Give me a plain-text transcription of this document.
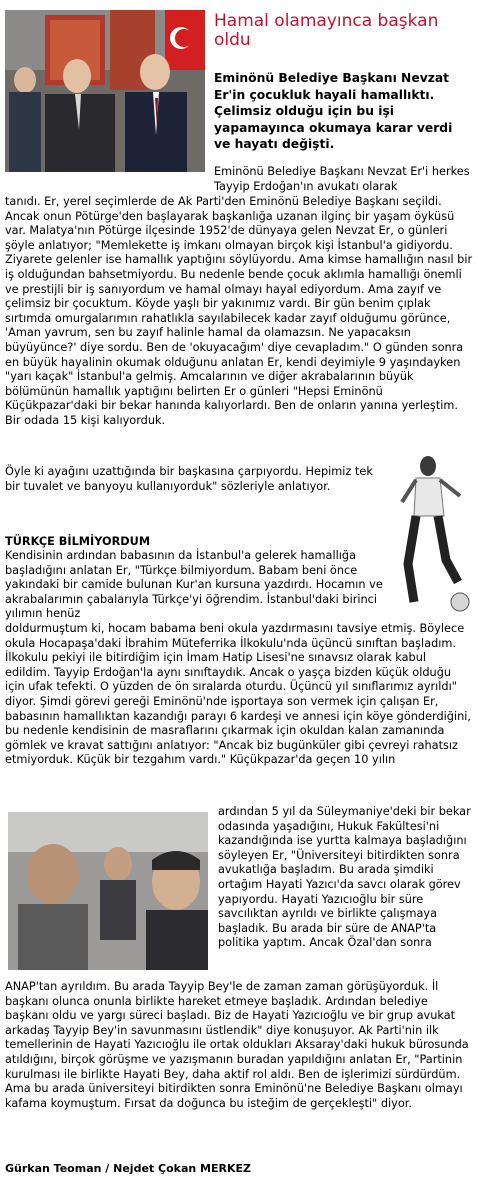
Hamal olamayınca başkan oldu

Eminönü Belediye Başkanı Nevzat Er'in çocukluk hayali hamallıktı. Çelimsiz olduğu için bu işi yapamayınca okumaya karar verdi ve hayatı değişti.

Eminönü Belediye Başkanı Nevzat Er'i herkes Tayyip Erdoğan'ın avukatı olarak

tanıdı. Er, yerel seçimlerde de Ak Parti'den Eminönü Belediye Başkanı seçildi. Ancak onun Pötürge'den başlayarak başkanlığa uzanan ilginç bir yaşam öyküsü var. Malatya'nın Pötürge ilçesinde 1952'de dünyaya gelen Nevzat Er, o günleri şöyle anlatıyor; "Memlekette iş imkanı olmayan birçok kişi İstanbul'a gidiyordu. Ziyarete gelenler ise hamallık yaptığını söylüyordu. Ama kimse hamallığın nasıl bir iş olduğundan bahsetmiyordu. Bu nedenle bende çocuk aklımla hamallığı önemli ve prestijli bir iş sanıyordum ve hamal olmayı hayal ediyordum. Ama zayıf ve çelimsiz bir çocuktum. Köyde yaşlı bir yakınımız vardı. Bir gün benim çıplak sırtımda omurgalarımın rahatlıkla sayılabilecek kadar zayıf olduğumu görünce, 'Aman yavrum, sen bu zayıf halinle hamal da olamazsın. Ne yapacaksın büyüyünce?' diye sordu. Ben de 'okuyacağım' diye cevapladım." O günden sonra en büyük hayalinin okumak olduğunu anlatan Er, kendi deyimiyle 9 yaşındayken "yarı kaçak" İstanbul'a gelmiş. Amcalarının ve diğer akrabalarının büyük bölümünün hamallık yaptığını belirten Er o günleri "Hepsi Eminönü Küçükpazar'daki bir bekar hanında kalıyorlardı. Ben de onların yanına yerleştim. Bir odada 15 kişi kalıyorduk.

Öyle ki ayağını uzattığında bir başkasına çarpıyordu. Hepimiz tek bir tuvalet ve banyoyu kullanıyorduk" sözleriyle anlatıyor.

TÜRKÇE BİLMİYORDUM

Kendisinin ardından babasının da İstanbul'a gelerek hamallığa başladığını anlatan Er, "Türkçe bilmiyordum. Babam beni önce yakındaki bir camide bulunan Kur'an kursuna yazdırdı. Hocamın ve akrabalarımın çabalarıyla Türkçe'yi öğrendim. İstanbul'daki birinci yılımın henüz

doldurmuştum ki, hocam babama beni okula yazdırmasını tavsiye etmiş. Böylece okula Hocapaşa'daki İbrahim Müteferrika İlkokulu'nda üçüncü sınıftan başladım. İlkokulu pekiyi ile bitirdiğim için İmam Hatip Lisesi'ne sınavsız olarak kabul edildim. Tayyip Erdoğan'la aynı sınıftaydık. Ancak o yaşça bizden küçük olduğu için ufak tefekti. O yüzden de ön sıralarda oturdu. Üçüncü yıl sınıflarımız ayrıldı" diyor. Şimdi görevi gereği Eminönü'nde işportaya son vermek için çalışan Er, babasının hamallıktan kazandığı parayı 6 kardeşi ve annesi için köye gönderdiğini, bu nedenle kendisinin de masraflarını çıkarmak için okuldan kalan zamanında gömlek ve kravat sattığını anlatıyor: "Ancak biz bugünküler gibi çevreyi rahatsız etmiyorduk. Küçük bir tezgahım vardı." Küçükpazar'da geçen 10 yılın

ardından 5 yıl da Süleymaniye'deki bir bekar odasında yaşadığını, Hukuk Fakültesi'ni kazandığında ise yurtta kalmaya başladığını söyleyen Er, "Üniversiteyi bitirdikten sonra avukatlığa başladım. Bu arada şimdiki ortağım Hayati Yazıcı'da savcı olarak görev yapıyordu. Hayati Yazıcıoğlu bir süre savcılıktan ayrıldı ve birlikte çalışmaya başladık. Bu arada bir süre de ANAP'ta politika yaptım. Ancak Özal'dan sonra

ANAP'tan ayrıldım. Bu arada Tayyip Bey'le de zaman zaman görüşüyorduk. İl başkanı olunca onunla birlikte hareket etmeye başladık. Ardından belediye başkanı oldu ve yargı süreci başladı. Biz de Hayati Yazıcıoğlu ve bir grup avukat arkadaş Tayyip Bey'in savunmasını üstlendik" diye konuşuyor. Ak Parti'nin ilk temellerinin de Hayati Yazıcıoğlu ile ortak oldukları Aksaray'daki hukuk bürosunda atıldığını, birçok görüşme ve yazışmanın buradan yapıldığını anlatan Er, "Partinin kurulması ile birlikte Hayati Bey, daha aktif rol aldı. Ben de işlerimizi sürdürdüm. Ama bu arada üniversiteyi bitirdikten sonra Eminönü'ne Belediye Başkanı olmayı kafama koymuştum. Fırsat da doğunca bu isteğim de gerçekleşti" diyor.

Gürkan Teoman / Nejdet Çokan MERKEZ
